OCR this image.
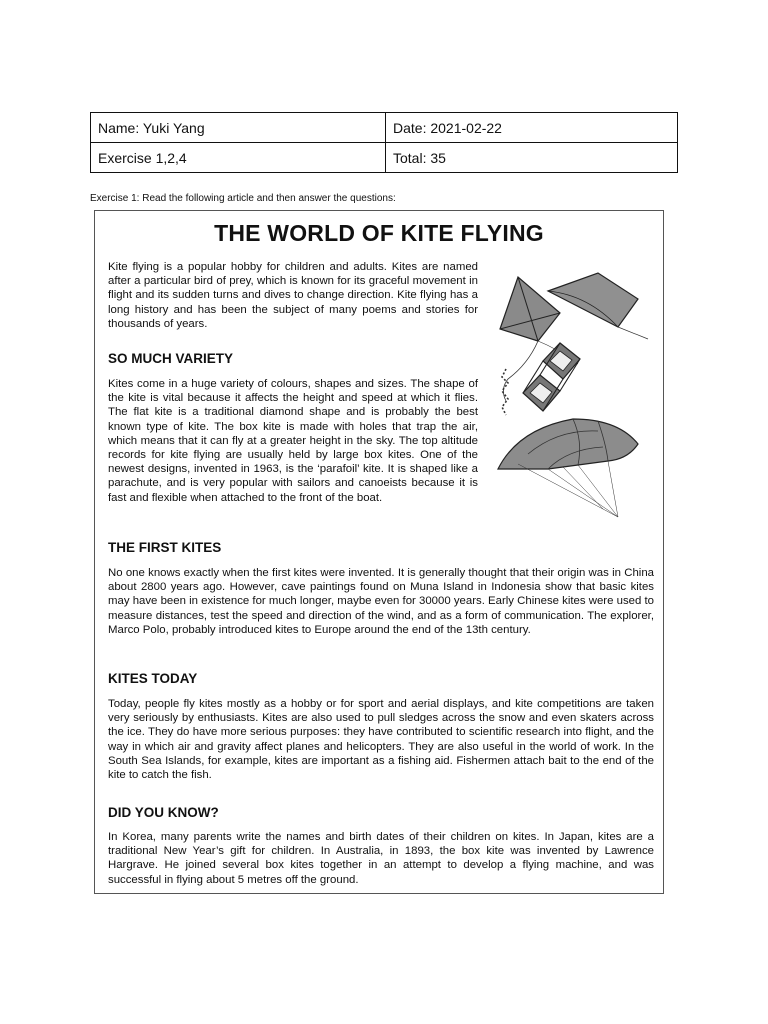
Name: Yuki Yang	Date: 2021-02-22
Exercise 1,2,4	Total: 35
Exercise 1: Read the following article and then answer the questions:
THE WORLD OF KITE FLYING

Kite flying is a popular hobby for children and adults. Kites are named after a particular bird of prey, which is known for its graceful movement in flight and its sudden turns and dives to change direction. Kite flying has a long history and has been the subject of many poems and stories for thousands of years.

SO MUCH VARIETY

Kites come in a huge variety of colours, shapes and sizes. The shape of the kite is vital because it affects the height and speed at which it flies. The flat kite is a traditional diamond shape and is probably the best known type of kite. The box kite is made with holes that trap the air, which means that it can fly at a greater height in the sky. The top altitude records for kite flying are usually held by large box kites. One of the newest designs, invented in 1963, is the ‘parafoil’ kite. It is shaped like a parachute, and is very popular with sailors and canoeists because it is fast and flexible when attached to the front of the boat.

THE FIRST KITES

No one knows exactly when the first kites were invented. It is generally thought that their origin was in China about 2800 years ago. However, cave paintings found on Muna Island in Indonesia show that basic kites may have been in existence for much longer, maybe even for 30000 years. Early Chinese kites were used to measure distances, test the speed and direction of the wind, and as a form of communication. The explorer, Marco Polo, probably introduced kites to Europe around the end of the 13th century.

KITES TODAY

Today, people fly kites mostly as a hobby or for sport and aerial displays, and kite competitions are taken very seriously by enthusiasts. Kites are also used to pull sledges across the snow and even skaters across the ice. They do have more serious purposes: they have contributed to scientific research into flight, and the way in which air and gravity affect planes and helicopters. They are also useful in the world of work. In the South Sea Islands, for example, kites are important as a fishing aid. Fishermen attach bait to the end of the kite to catch the fish.

DID YOU KNOW?

In Korea, many parents write the names and birth dates of their children on kites. In Japan, kites are a traditional New Year’s gift for children. In Australia, in 1893, the box kite was invented by Lawrence Hargrave. He joined several box kites together in an attempt to develop a flying machine, and was successful in flying about 5 metres off the ground.
